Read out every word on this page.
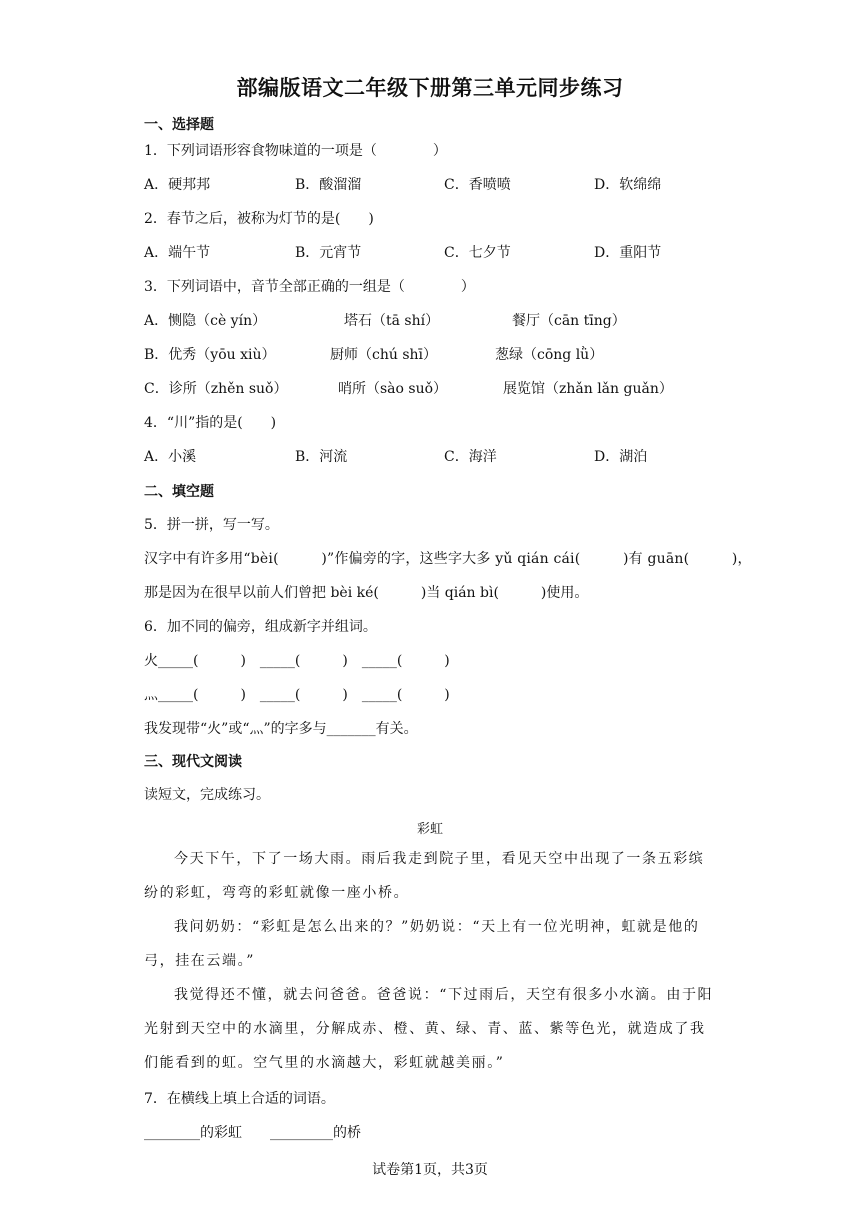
部编版语文二年级下册第三单元同步练习
一、选择题
1．下列词语形容食物味道的一项是（　　　　）
A．硬邦邦	B．酸溜溜	C．香喷喷	D．软绵绵
2．春节之后，被称为灯节的是(　　)
A．端午节	B．元宵节	C．七夕节	D．重阳节
3．下列词语中，音节全部正确的一组是（　　　　）
A．恻隐（cè yín）	塔石（tā shí）	餐厅（cān tīng）
B．优秀（yōu xiù）	厨师（chú shī）	葱绿（cōng lǜ）
C．诊所（zhěn suǒ）	哨所（sào suǒ）	展览馆（zhǎn lǎn guǎn）
4．“川”指的是(　　)
A．小溪	B．河流	C．海洋	D．湖泊
二、填空题
5．拼一拼，写一写。
汉字中有许多用“bèi(　　　)”作偏旁的字，这些字大多 yǔ qián cái(　　　)有 guān(　　　)，
那是因为在很早以前人们曾把 bèi ké(　　　)当 qián bì(　　　)使用。
6．加不同的偏旁，组成新字并组词。
火_____(　　　)　_____(　　　)　_____(　　　)
灬_____(　　　)　_____(　　　)　_____(　　　)
我发现带“火”或“灬”的字多与_______有关。
三、现代文阅读
读短文，完成练习。
彩虹
今天下午，下了一场大雨。雨后我走到院子里，看见天空中出现了一条五彩缤纷的彩虹，弯弯的彩虹就像一座小桥。
我问奶奶：“彩虹是怎么出来的？”奶奶说：“天上有一位光明神，虹就是他的弓，挂在云端。”
我觉得还不懂，就去问爸爸。爸爸说：“下过雨后，天空有很多小水滴。由于阳光射到天空中的水滴里，分解成赤、橙、黄、绿、青、蓝、紫等色光，就造成了我们能看到的虹。空气里的水滴越大，彩虹就越美丽。”
7．在横线上填上合适的词语。
________的彩虹　　_________的桥
试卷第1页，共3页
